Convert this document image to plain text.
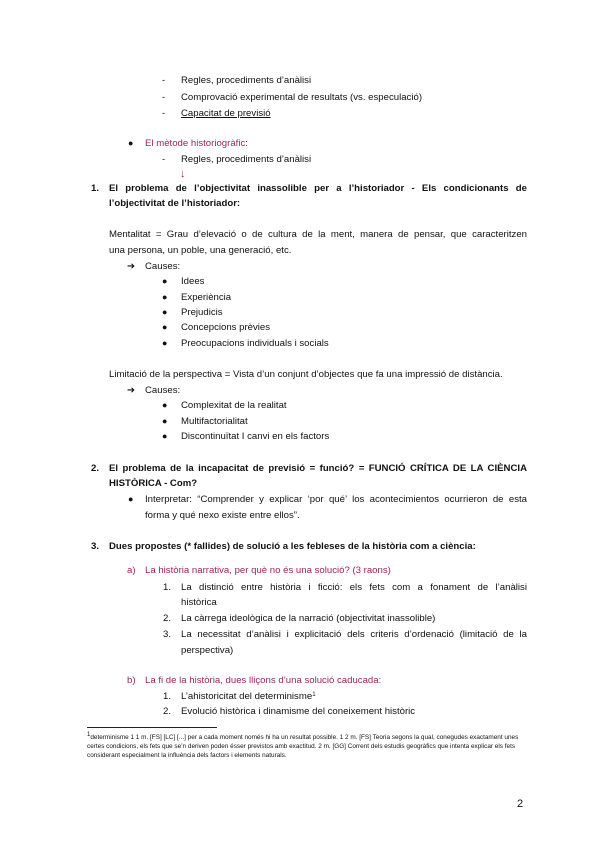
- Regles, procediments d’anàlisi
- Comprovació experimental de resultats (vs. especulació)
- Capacitat de previsió
● El mètode historiogràfic:
- Regles, procediments d’anàlisi
↓
1. El problema de l’objectivitat inassolible per a l’historiador - Els condicionants de
l’objectivitat de l’historiador:
Mentalitat = Grau d’elevació o de cultura de la ment, manera de pensar, que caracteritzen
una persona, un poble, una generació, etc.
➔ Causes:
● Idees
● Experiència
● Prejudicis
● Concepcions prèvies
● Preocupacions individuals i socials
Limitació de la perspectiva = Vista d’un conjunt d’objectes que fa una impressió de distància.
➔ Causes:
● Complexitat de la realitat
● Multifactorialitat
● Discontinuïtat I canvi en els factors
2. El problema de la incapacitat de previsió = funció? = FUNCIÓ CRÍTICA DE LA CIÈNCIA
HISTÒRICA - Com?
● Interpretar: “Comprender y explicar ‘por qué’ los acontecimientos ocurrieron de esta
forma y qué nexo existe entre ellos”.
3. Dues propostes (* fallides) de solució a les febleses de la història com a ciència:
a) La història narrativa, per què no és una solució? (3 raons)
1. La distinció entre història i ficció: els fets com a fonament de l’anàlisi
històrica
2. La càrrega ideològica de la narració (objectivitat inassolible)
3. La necessitat d’anàlisi i explicitació dels criteris d’ordenació (limitació de la
perspectiva)
b) La fi de la història, dues lliçons d’una solució caducada:
1. L’ahistoricitat del determinisme$^1$
2. Evolució històrica i dinamisme del coneixement històric
$^1$determinisme 1 1 m. [FS] [LC] [...] per a cada moment només hi ha un resultat possible. 1 2 m. [FS] Teoria segons la qual, conegudes exactament unes certes condicions, els fets que se’n deriven poden ésser previstos amb exactitud. 2 m. [GG] Corrent dels estudis geogràfics que intenta explicar els fets considerant especialment la influència dels factors i elements naturals.
2
